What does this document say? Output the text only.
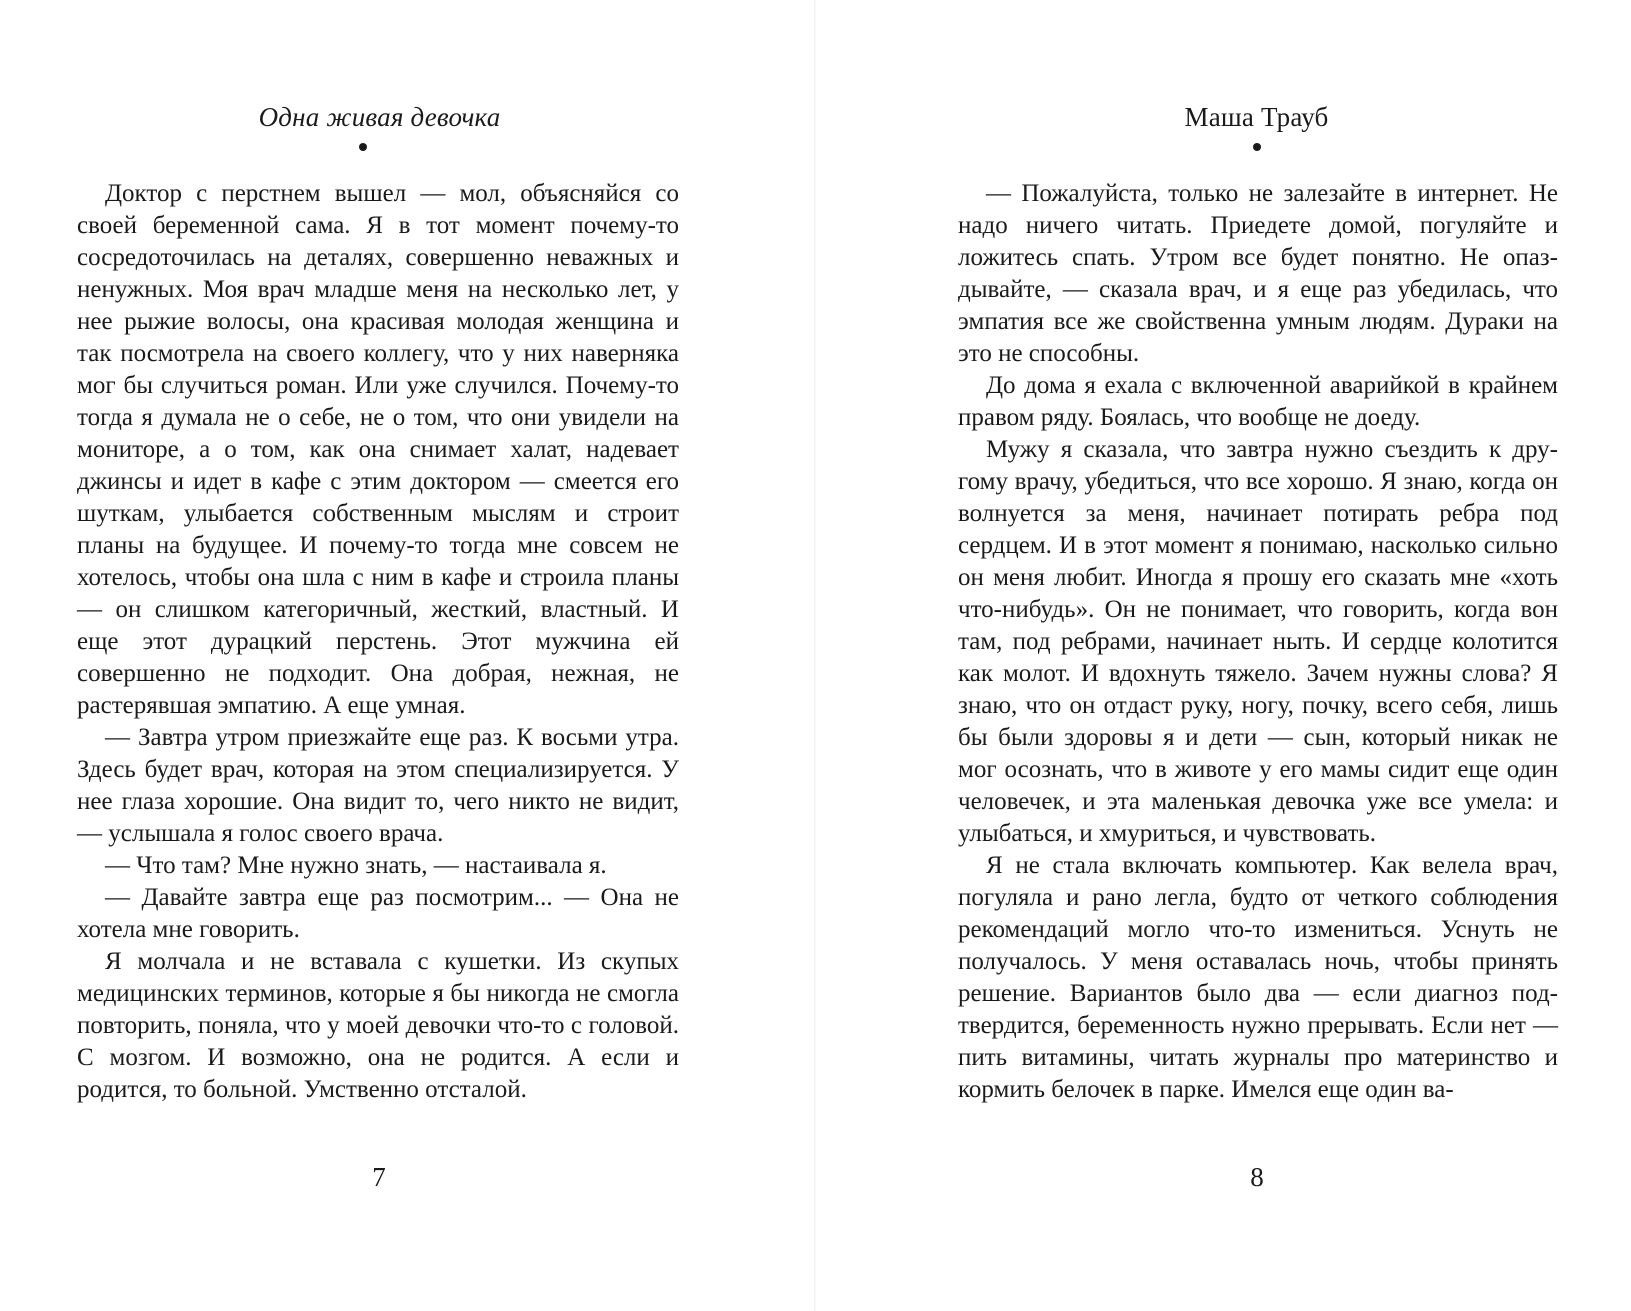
Одна живая девочка

Доктор с перстнем вышел — мол, объясняйся со своей беременной сама. Я в тот момент почему-то сосредоточилась на деталях, совершенно неважных и ненужных. Моя врач младше меня на несколько лет, у нее рыжие волосы, она красивая молодая женщина и так посмотрела на своего коллегу, что у них наверняка мог бы случиться роман. Или уже случился. Почему-то тогда я думала не о себе, не о том, что они увидели на мониторе, а о том, как она снимает халат, надевает джинсы и идет в кафе с этим доктором — смеется его шуткам, улыбается собственным мыслям и строит планы на будущее. И почему-то тогда мне совсем не хотелось, чтобы она шла с ним в кафе и строила планы — он слишком категоричный, жесткий, властный. И еще этот дурацкий перстень. Этот мужчина ей совершенно не подходит. Она добрая, нежная, не растерявшая эмпатию. А еще умная.

— Завтра утром приезжайте еще раз. К восьми утра. Здесь будет врач, которая на этом специализируется. У нее глаза хорошие. Она видит то, чего никто не видит, — услышала я голос своего врача.

— Что там? Мне нужно знать, — настаивала я.

— Давайте завтра еще раз посмотрим... — Она не хотела мне говорить.

Я молчала и не вставала с кушетки. Из скупых медицинских терминов, которые я бы никогда не смогла повторить, поняла, что у моей девочки что-то с головой. С мозгом. И возможно, она не родится. А если и родится, то больной. Умственно отсталой.

7
Маша Трауб

— Пожалуйста, только не залезайте в интернет. Не надо ничего читать. Приедете домой, погуляйте и ложитесь спать. Утром все будет понятно. Не опаздывайте, — сказала врач, и я еще раз убедилась, что эмпатия все же свойственна умным людям. Дураки на это не способны.

До дома я ехала с включенной аварийкой в крайнем правом ряду. Боялась, что вообще не доеду.

Мужу я сказала, что завтра нужно съездить к другому врачу, убедиться, что все хорошо. Я знаю, когда он волнуется за меня, начинает потирать ребра под сердцем. И в этот момент я понимаю, насколько сильно он меня любит. Иногда я прошу его сказать мне «хоть что-нибудь». Он не понимает, что говорить, когда вон там, под ребрами, начинает ныть. И сердце колотится как молот. И вдохнуть тяжело. Зачем нужны слова? Я знаю, что он отдаст руку, ногу, почку, всего себя, лишь бы были здоровы я и дети — сын, который никак не мог осознать, что в животе у его мамы сидит еще один человечек, и эта маленькая девочка уже все умела: и улыбаться, и хмуриться, и чувствовать.

Я не стала включать компьютер. Как велела врач, погуляла и рано легла, будто от четкого соблюдения рекомендаций могло что-то измениться. Уснуть не получалось. У меня оставалась ночь, чтобы принять решение. Вариантов было два — если диагноз подтвердится, беременность нужно прерывать. Если нет — пить витамины, читать журналы про материнство и кормить белочек в парке. Имелся еще один ва-

8
